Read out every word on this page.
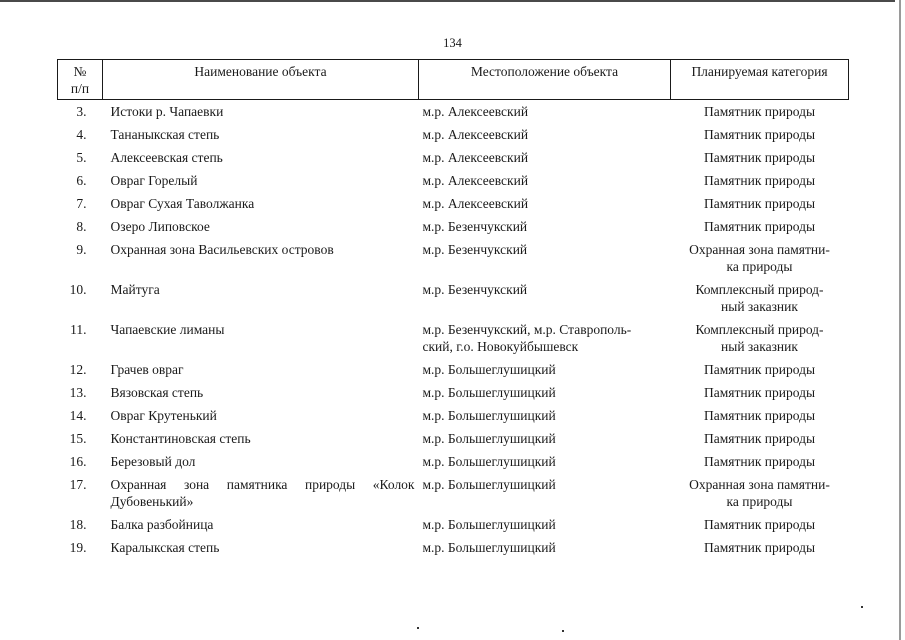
134
№
п/п	Наименование объекта	Местоположение объекта	Планируемая категория
3.	Истоки р. Чапаевки	м.р. Алексеевский	Памятник природы
4.	Тананыкская степь	м.р. Алексеевский	Памятник природы
5.	Алексеевская степь	м.р. Алексеевский	Памятник природы
6.	Овраг Горелый	м.р. Алексеевский	Памятник природы
7.	Овраг Сухая Таволжанка	м.р. Алексеевский	Памятник природы
8.	Озеро Липовское	м.р. Безенчукский	Памятник природы
9.	Охранная зона Васильевских островов	м.р. Безенчукский	Охранная зона памятни-
ка природы
10.	Майтуга	м.р. Безенчукский	Комплексный природ-
ный заказник
11.	Чапаевские лиманы	м.р. Безенчукский, м.р. Ставрополь-
ский, г.о. Новокуйбышевск	Комплексный природ-
ный заказник
12.	Грачев овраг	м.р. Большеглушицкий	Памятник природы
13.	Вязовская степь	м.р. Большеглушицкий	Памятник природы
14.	Овраг Крутенький	м.р. Большеглушицкий	Памятник природы
15.	Константиновская степь	м.р. Большеглушицкий	Памятник природы
16.	Березовый дол	м.р. Большеглушицкий	Памятник природы
17.	Охранная зона памятника природы «Колок Дубовенький»	м.р. Большеглушицкий	Охранная зона памятни-
ка природы
18.	Балка разбойница	м.р. Большеглушицкий	Памятник природы
19.	Каралыкская степь	м.р. Большеглушицкий	Памятник природы
